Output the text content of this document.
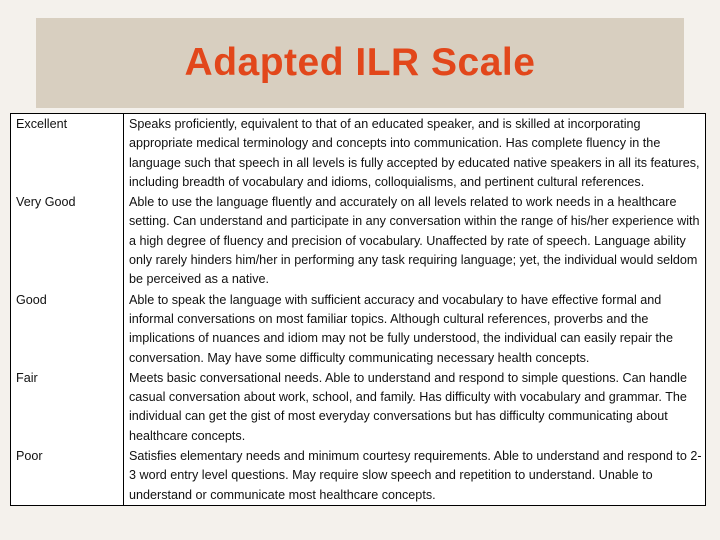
Adapted ILR Scale
Excellent	Speaks proficiently, equivalent to that of an educated speaker, and is skilled at incorporating appropriate medical terminology and concepts into communication. Has complete fluency in the language such that speech in all levels is fully accepted by educated native speakers in all its features, including breadth of vocabulary and idioms, colloquialisms, and pertinent cultural references.
Very Good	Able to use the language fluently and accurately on all levels related to work needs in a healthcare setting. Can understand and participate in any conversation within the range of his/her experience with a high degree of fluency and precision of vocabulary. Unaffected by rate of speech. Language ability only rarely hinders him/her in performing any task requiring language; yet, the individual would seldom be perceived as a native.
Good	Able to speak the language with sufficient accuracy and vocabulary to have effective formal and informal conversations on most familiar topics. Although cultural references, proverbs and the implications of nuances and idiom may not be fully understood, the individual can easily repair the conversation. May have some difficulty communicating necessary health concepts.
Fair	Meets basic conversational needs. Able to understand and respond to simple questions. Can handle casual conversation about work, school, and family. Has difficulty with vocabulary and grammar. The individual can get the gist of most everyday conversations but has difficulty communicating about healthcare concepts.
Poor	Satisfies elementary needs and minimum courtesy requirements. Able to understand and respond to 2-3 word entry level questions. May require slow speech and repetition to understand. Unable to understand or communicate most healthcare concepts.
